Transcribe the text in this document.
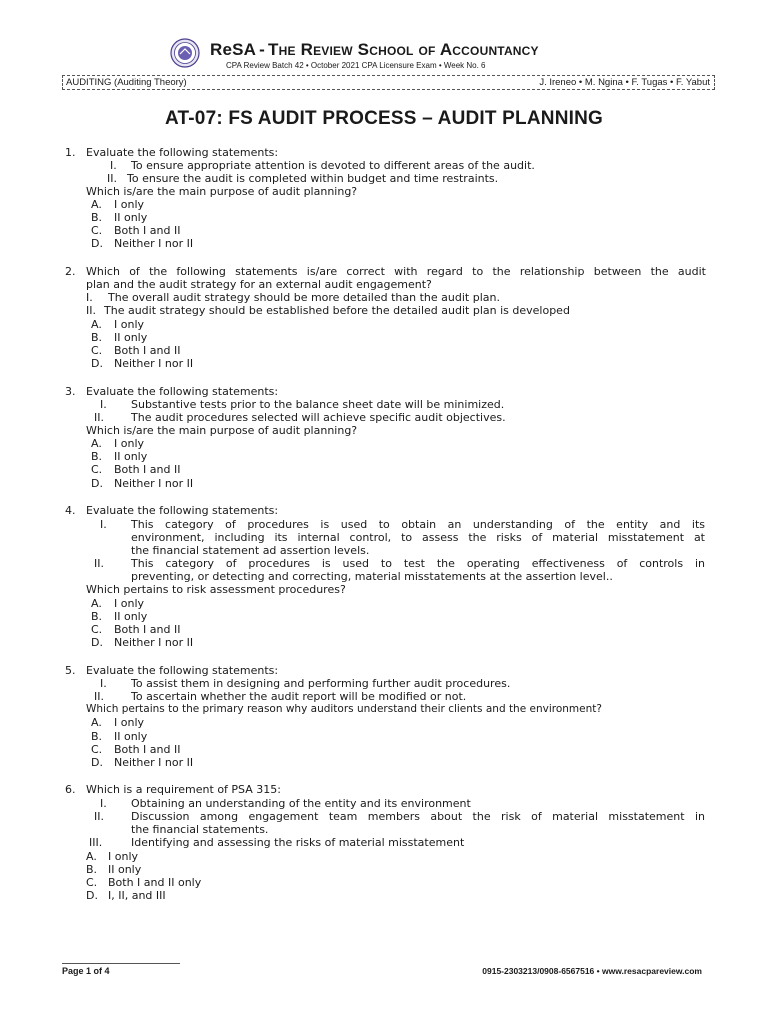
ReSA - The Review School of Accountancy
CPA Review Batch 42 • October 2021 CPA Licensure Exam • Week No. 6
AUDITING (Auditing Theory)	J. Ireneo • M. Ngina • F. Tugas • F. Yabut
AT-07: FS AUDIT PROCESS – AUDIT PLANNING
1. Evaluate the following statements:
I. To ensure appropriate attention is devoted to different areas of the audit.
II. To ensure the audit is completed within budget and time restraints.
Which is/are the main purpose of audit planning?
A. I only
B. II only
C. Both I and II
D. Neither I nor II
2. Which of the following statements is/are correct with regard to the relationship between the audit
plan and the audit strategy for an external audit engagement?
I. The overall audit strategy should be more detailed than the audit plan.
II. The audit strategy should be established before the detailed audit plan is developed
A. I only
B. II only
C. Both I and II
D. Neither I nor II
3. Evaluate the following statements:
I. Substantive tests prior to the balance sheet date will be minimized.
II. The audit procedures selected will achieve specific audit objectives.
Which is/are the main purpose of audit planning?
A. I only
B. II only
C. Both I and II
D. Neither I nor II
4. Evaluate the following statements:
I. This category of procedures is used to obtain an understanding of the entity and its
environment, including its internal control, to assess the risks of material misstatement at
the financial statement ad assertion levels.
II. This category of procedures is used to test the operating effectiveness of controls in
preventing, or detecting and correcting, material misstatements at the assertion level..
Which pertains to risk assessment procedures?
A. I only
B. II only
C. Both I and II
D. Neither I nor II
5. Evaluate the following statements:
I. To assist them in designing and performing further audit procedures.
II. To ascertain whether the audit report will be modified or not.
Which pertains to the primary reason why auditors understand their clients and the environment?
A. I only
B. II only
C. Both I and II
D. Neither I nor II
6. Which is a requirement of PSA 315:
I. Obtaining an understanding of the entity and its environment
II. Discussion among engagement team members about the risk of material misstatement in
the financial statements.
III.	Identifying and assessing the risks of material misstatement
A. I only
B. II only
C. Both I and II only
D. I, II, and III
Page 1 of 4	0915-2303213/0908-6567516 • www.resacpareview.com
